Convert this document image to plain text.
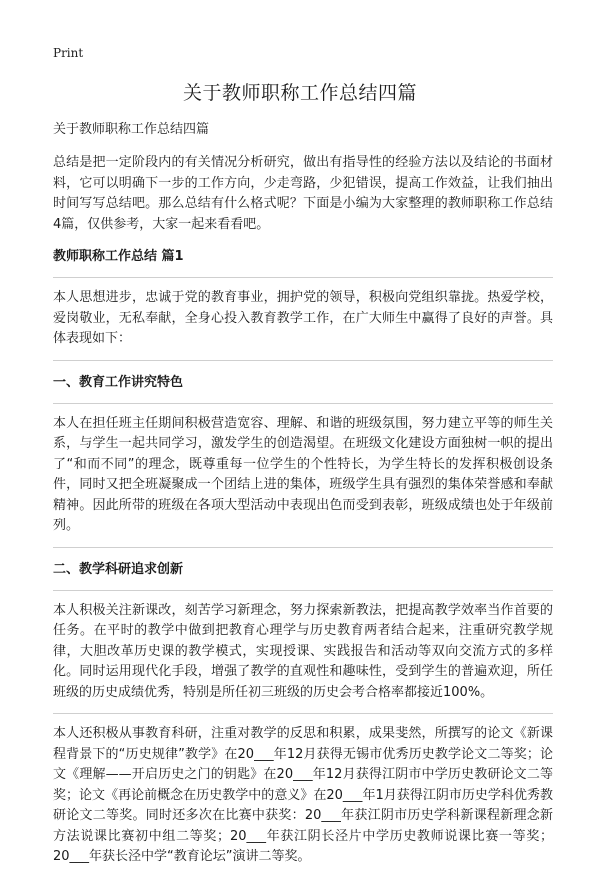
Print
关于教师职称工作总结四篇

关于教师职称工作总结四篇

总结是把一定阶段内的有关情况分析研究，做出有指导性的经验方法以及结论的书面材料，它可以明确下一步的工作方向，少走弯路，少犯错误，提高工作效益，让我们抽出时间写写总结吧。那么总结有什么格式呢？下面是小编为大家整理的教师职称工作总结4篇，仅供参考，大家一起来看看吧。

教师职称工作总结 篇1

本人思想进步，忠诚于党的教育事业，拥护党的领导，积极向党组织靠拢。热爱学校，爱岗敬业，无私奉献，全身心投入教育教学工作，在广大师生中赢得了良好的声誉。具体表现如下：

一、教育工作讲究特色

本人在担任班主任期间积极营造宽容、理解、和谐的班级氛围，努力建立平等的师生关系，与学生一起共同学习，激发学生的创造渴望。在班级文化建设方面独树一帜的提出了“和而不同”的理念，既尊重每一位学生的个性特长，为学生特长的发挥积极创设条件，同时又把全班凝聚成一个团结上进的集体，班级学生具有强烈的集体荣誉感和奉献精神。因此所带的班级在各项大型活动中表现出色而受到表彰，班级成绩也处于年级前列。

二、教学科研追求创新

本人积极关注新课改，刻苦学习新理念，努力探索新教法，把提高教学效率当作首要的任务。在平时的教学中做到把教育心理学与历史教育两者结合起来，注重研究教学规律，大胆改革历史课的教学模式，实现授课、实践报告和活动等双向交流方式的多样化。同时运用现代化手段，增强了教学的直观性和趣味性，受到学生的普遍欢迎，所任班级的历史成绩优秀，特别是所任初三班级的历史会考合格率都接近100%。

本人还积极从事教育科研，注重对教学的反思和积累，成果斐然，所撰写的论文《新课程背景下的“历史规律”教学》在20___年12月获得无锡市优秀历史教学论文二等奖；论文《理解——开启历史之门的钥匙》在20___年12月获得江阴市中学历史教研论文二等奖；论文《再论前概念在历史教学中的意义》在20___年1月获得江阴市历史学科优秀教研论文二等奖。同时还多次在比赛中获奖：20___年获江阴市历史学科新课程新理念新方法说课比赛初中组二等奖；20___年获江阴长泾片中学历史教师说课比赛一等奖；20___年获长泾中学“教育论坛”演讲二等奖。
